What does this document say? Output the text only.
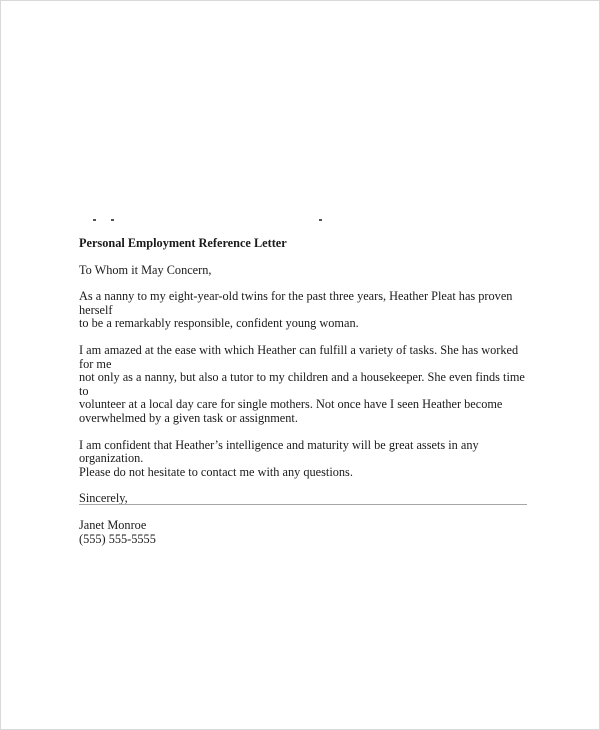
Personal Employment Reference Letter
To Whom it May Concern,
As a nanny to my eight-year-old twins for the past three years, Heather Pleat has proven herself
to be a remarkably responsible, confident young woman.
I am amazed at the ease with which Heather can fulfill a variety of tasks. She has worked for me
not only as a nanny, but also a tutor to my children and a housekeeper. She even finds time to
volunteer at a local day care for single mothers. Not once have I seen Heather become
overwhelmed by a given task or assignment.
I am confident that Heather’s intelligence and maturity will be great assets in any organization.
Please do not hesitate to contact me with any questions.
Sincerely,
Janet Monroe
(555) 555-5555
